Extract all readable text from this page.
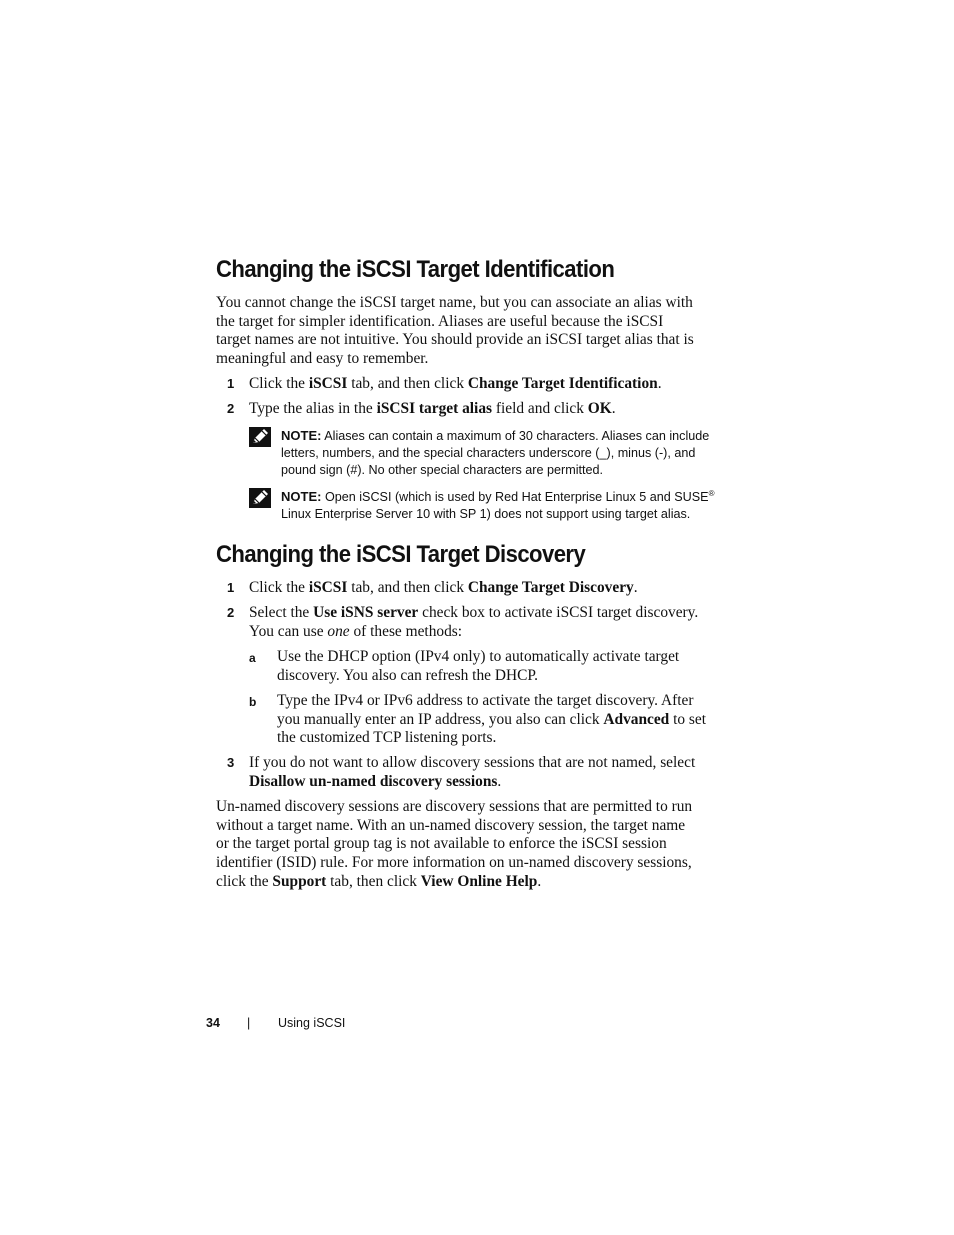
Changing the iSCSI Target Identification

You cannot change the iSCSI target name, but you can associate an alias with
the target for simpler identification. Aliases are useful because the iSCSI
target names are not intuitive. You should provide an iSCSI target alias that is
meaningful and easy to remember.

1 Click the iSCSI tab, and then click Change Target Identification.
2 Type the alias in the iSCSI target alias field and click OK.
NOTE: Aliases can contain a maximum of 30 characters. Aliases can include
letters, numbers, and the special characters underscore (_), minus (-), and
pound sign (#). No other special characters are permitted.
NOTE: Open iSCSI (which is used by Red Hat Enterprise Linux 5 and SUSE®
Linux Enterprise Server 10 with SP 1) does not support using target alias.
Changing the iSCSI Target Discovery
1 Click the iSCSI tab, and then click Change Target Discovery.
2 Select the Use iSNS server check box to activate iSCSI target discovery.
You can use one of these methods:
a Use the DHCP option (IPv4 only) to automatically activate target
discovery. You also can refresh the DHCP.
b Type the IPv4 or IPv6 address to activate the target discovery. After
you manually enter an IP address, you also can click Advanced to set
the customized TCP listening ports.
3 If you do not want to allow discovery sessions that are not named, select
Disallow un-named discovery sessions.

Un-named discovery sessions are discovery sessions that are permitted to run
without a target name. With an un-named discovery session, the target name
or the target portal group tag is not available to enforce the iSCSI session
identifier (ISID) rule. For more information on un-named discovery sessions,
click the Support tab, then click View Online Help.

34 | Using iSCSI
